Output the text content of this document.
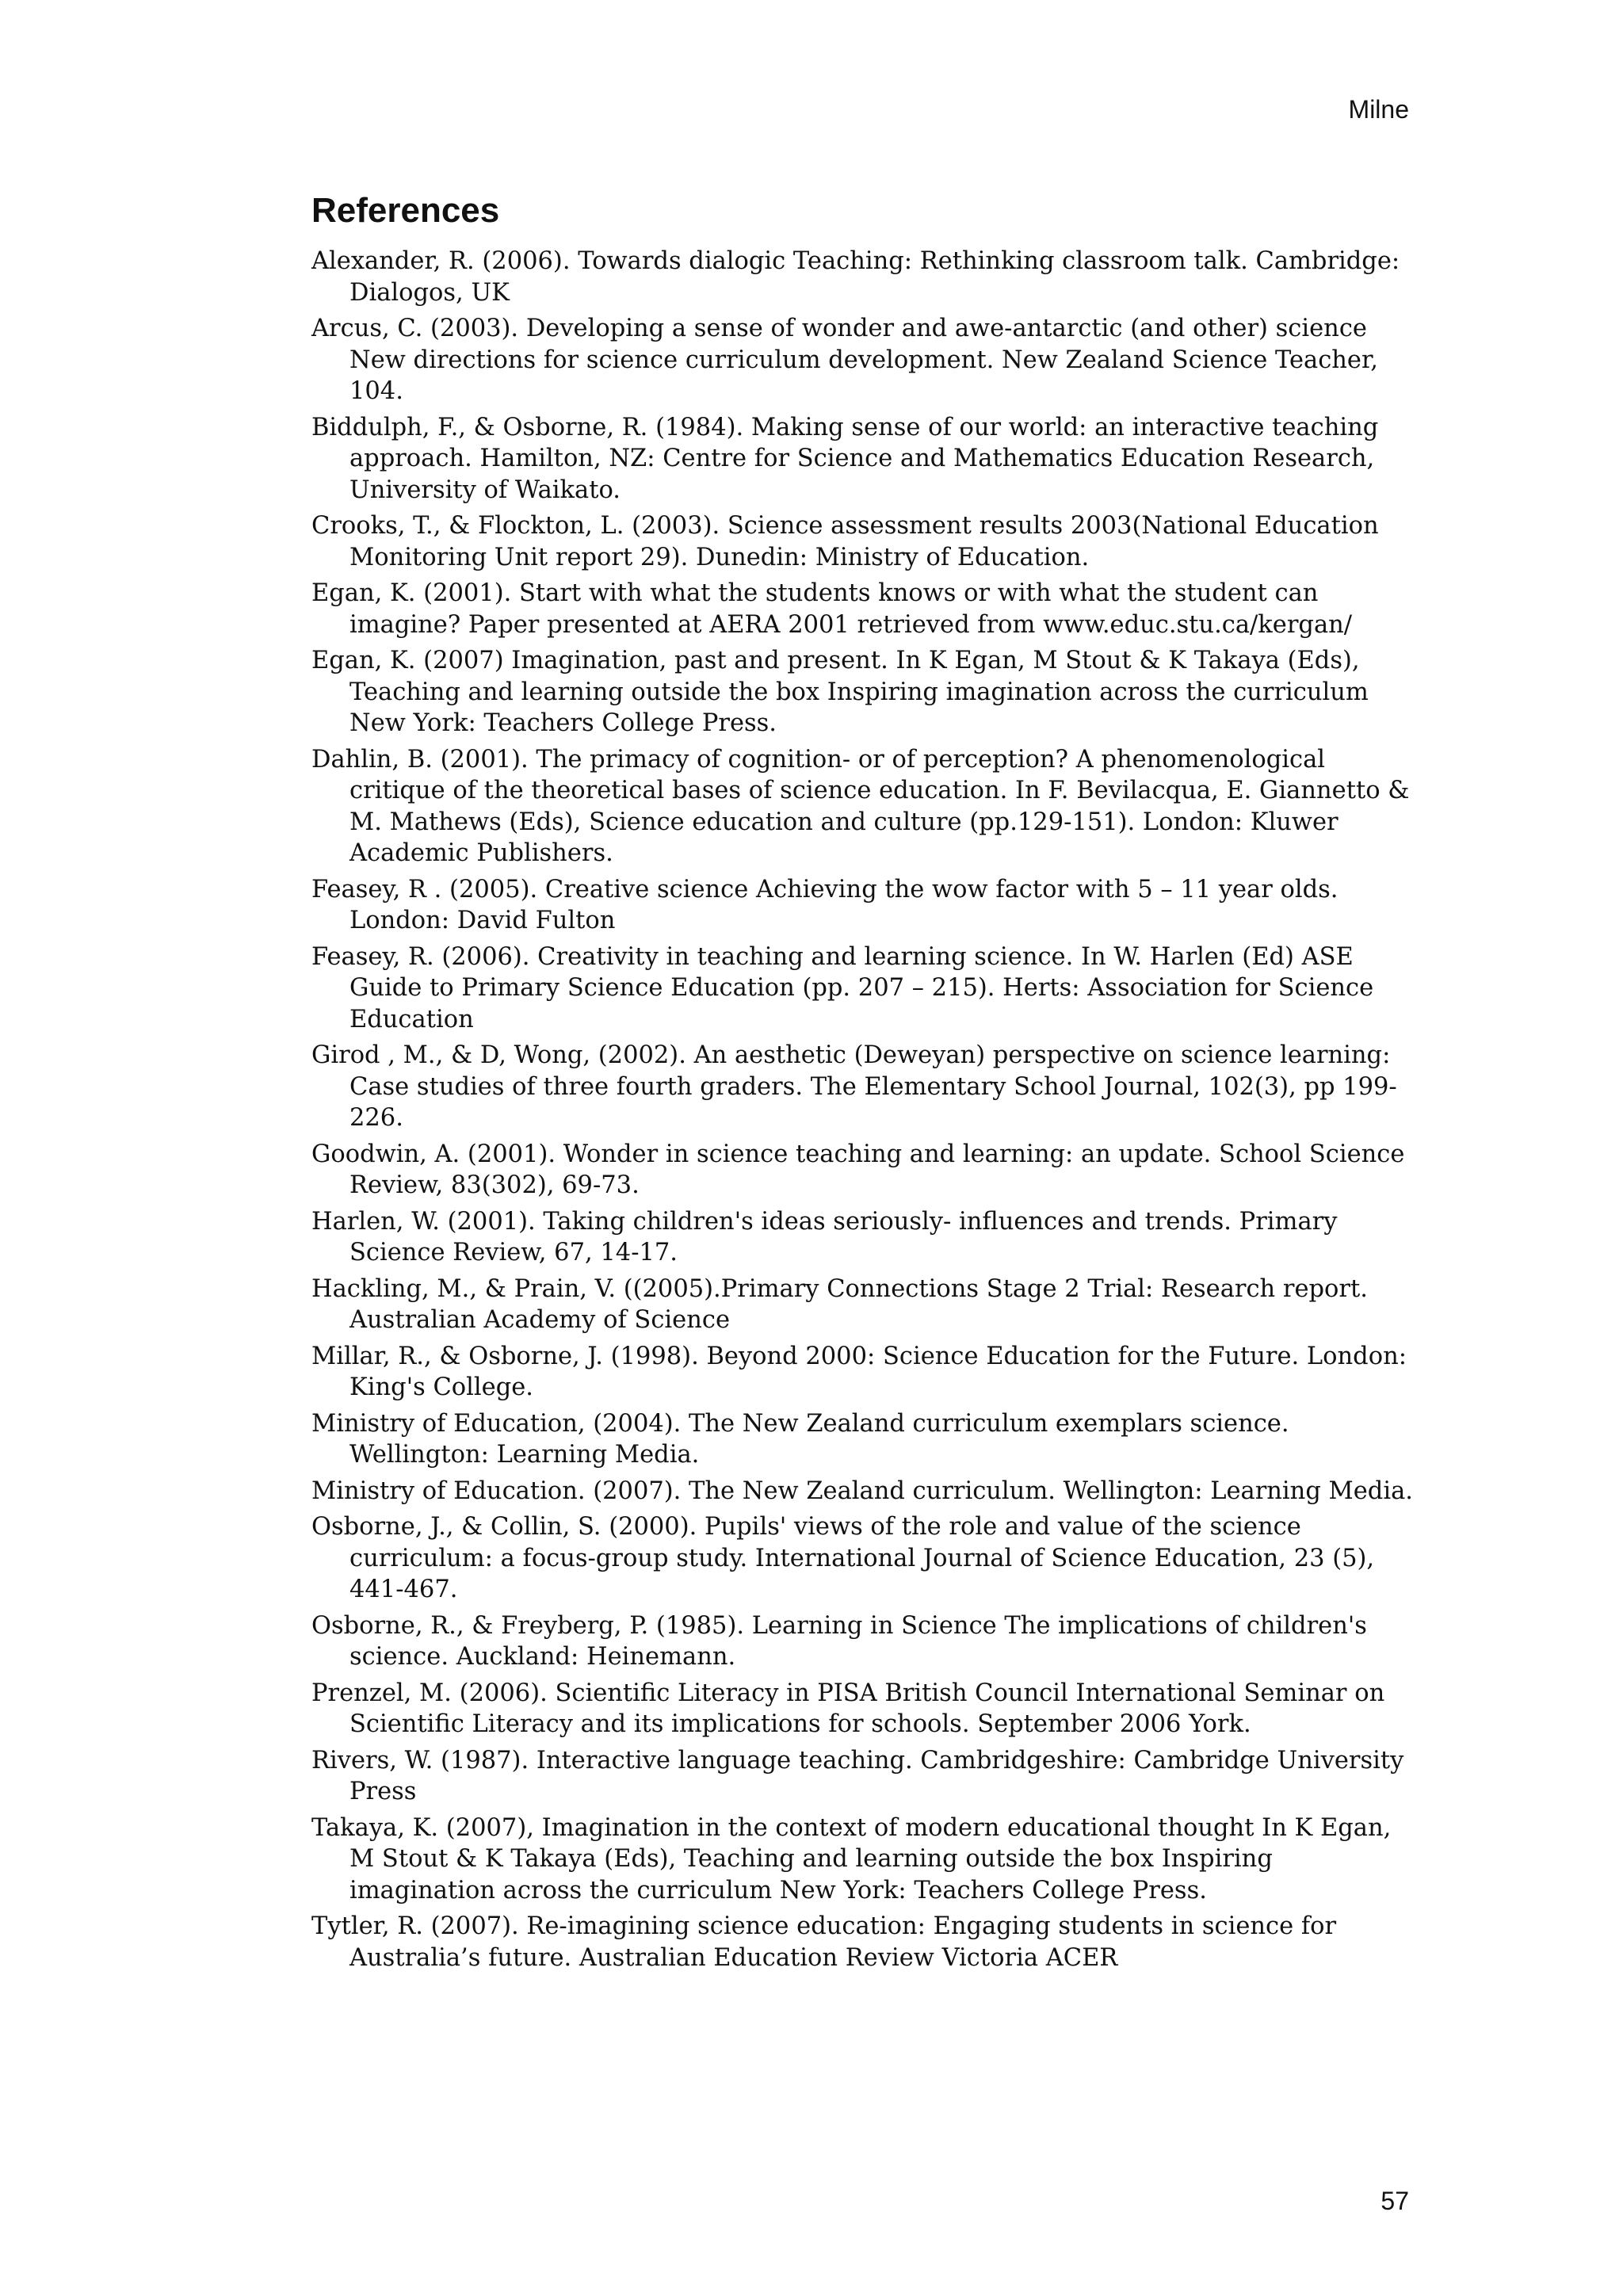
Milne
References
Alexander, R. (2006). Towards dialogic Teaching: Rethinking classroom talk. Cambridge: Dialogos, UK
Arcus, C. (2003). Developing a sense of wonder and awe-antarctic (and other) science New directions for science curriculum development. New Zealand Science Teacher, 104.
Biddulph, F., & Osborne, R. (1984). Making sense of our world: an interactive teaching approach. Hamilton, NZ: Centre for Science and Mathematics Education Research, University of Waikato.
Crooks, T., & Flockton, L. (2003). Science assessment results 2003(National Education Monitoring Unit report 29). Dunedin: Ministry of Education.
Egan, K. (2001). Start with what the students knows or with what the student can imagine? Paper presented at AERA 2001 retrieved from www.educ.stu.ca/kergan/
Egan, K. (2007) Imagination, past and present. In K Egan, M Stout & K Takaya (Eds), Teaching and learning outside the box Inspiring imagination across the curriculum New York: Teachers College Press.
Dahlin, B. (2001). The primacy of cognition- or of perception? A phenomenological critique of the theoretical bases of science education. In F. Bevilacqua, E. Giannetto & M. Mathews (Eds), Science education and culture (pp.129-151). London: Kluwer Academic Publishers.
Feasey, R . (2005). Creative science Achieving the wow factor with 5 – 11 year olds. London: David Fulton
Feasey, R. (2006). Creativity in teaching and learning science. In W. Harlen (Ed) ASE Guide to Primary Science Education (pp. 207 – 215). Herts: Association for Science Education
Girod , M., & D, Wong, (2002). An aesthetic (Deweyan) perspective on science learning: Case studies of three fourth graders. The Elementary School Journal, 102(3), pp 199-226.
Goodwin, A. (2001). Wonder in science teaching and learning: an update. School Science Review, 83(302), 69-73.
Harlen, W. (2001). Taking children's ideas seriously- influences and trends. Primary Science Review, 67, 14-17.
Hackling, M., & Prain, V. ((2005).Primary Connections Stage 2 Trial: Research report. Australian Academy of Science
Millar, R., & Osborne, J. (1998). Beyond 2000: Science Education for the Future. London: King's College.
Ministry of Education, (2004). The New Zealand curriculum exemplars science. Wellington: Learning Media.
Ministry of Education. (2007). The New Zealand curriculum. Wellington: Learning Media.
Osborne, J., & Collin, S. (2000). Pupils' views of the role and value of the science curriculum: a focus-group study. International Journal of Science Education, 23 (5), 441-467.
Osborne, R., & Freyberg, P. (1985). Learning in Science The implications of children's science. Auckland: Heinemann.
Prenzel, M. (2006). Scientific Literacy in PISA British Council International Seminar on Scientific Literacy and its implications for schools. September 2006 York.
Rivers, W. (1987). Interactive language teaching. Cambridgeshire: Cambridge University Press
Takaya, K. (2007), Imagination in the context of modern educational thought In K Egan, M Stout & K Takaya (Eds), Teaching and learning outside the box Inspiring imagination across the curriculum New York: Teachers College Press.
Tytler, R. (2007). Re-imagining science education: Engaging students in science for Australia’s future. Australian Education Review Victoria ACER
57
